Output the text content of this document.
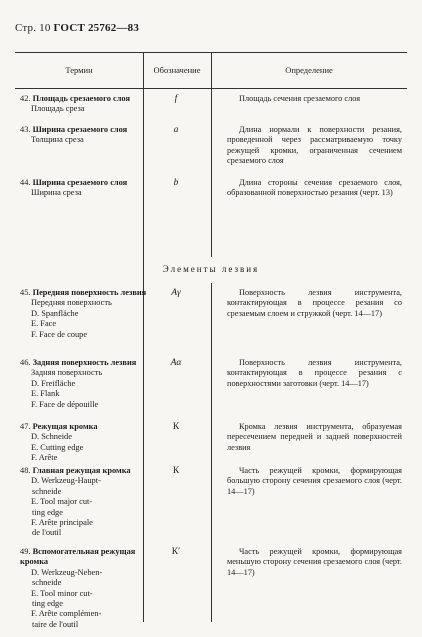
Стр. 10 ГОСТ 25762—83
Термин	Обозначение	Определение
Элементы лезвия
42. Площадь срезаемого слоя
Площадь среза
f	Площадь сечения срезаемого слоя
43. Ширина срезаемого слоя
Толщина среза
a	Длина нормали к поверхности резания, проведенной через рассматриваемую точку режущей кромки, ограниченная сечением срезаемого слоя
44. Ширина срезаемого слоя
Ширина среза
b	Длина стороны сечения срезаемого слоя, образованной поверхностью резания (черт. 13)
45. Передняя поверхность лезвия
Передняя поверхность
D. Spanfläche
E. Face
F. Face de coupe
Aγ	Поверхность лезвия инструмента, контактирующая в процессе резания со срезаемым слоем и стружкой (черт. 14—17)
46. Задняя поверхность лезвия
Задняя поверхность
D. Freifläche
E. Flank
F. Face de dépouille
Aα	Поверхность лезвия инструмента, контактирующая в процессе резания с поверхностями заготовки (черт. 14—17)
47. Режущая кромка
D. Schneide
E. Cutting edge
F. Arête
К	Кромка лезвия инструмента, образуемая пересечением передней и задней поверхностей лезвия
48. Главная режущая кромка
D. Werkzeug-Haupt-
schneide
E. Tool major cut-
ting edge
F. Arête principale
de l'outil
К	Часть режущей кромки, формирующая большую сторону сечения срезаемого слоя (черт. 14—17)
49. Вспомогательная режущая кромка
D. Werkzeug-Neben-
schneide
E. Tool minor cut-
ting edge
F. Arête complémen-
taire de l'outil
К′	Часть режущей кромки, формирующая меньшую сторону сечения срезаемого слоя (черт. 14—17)
